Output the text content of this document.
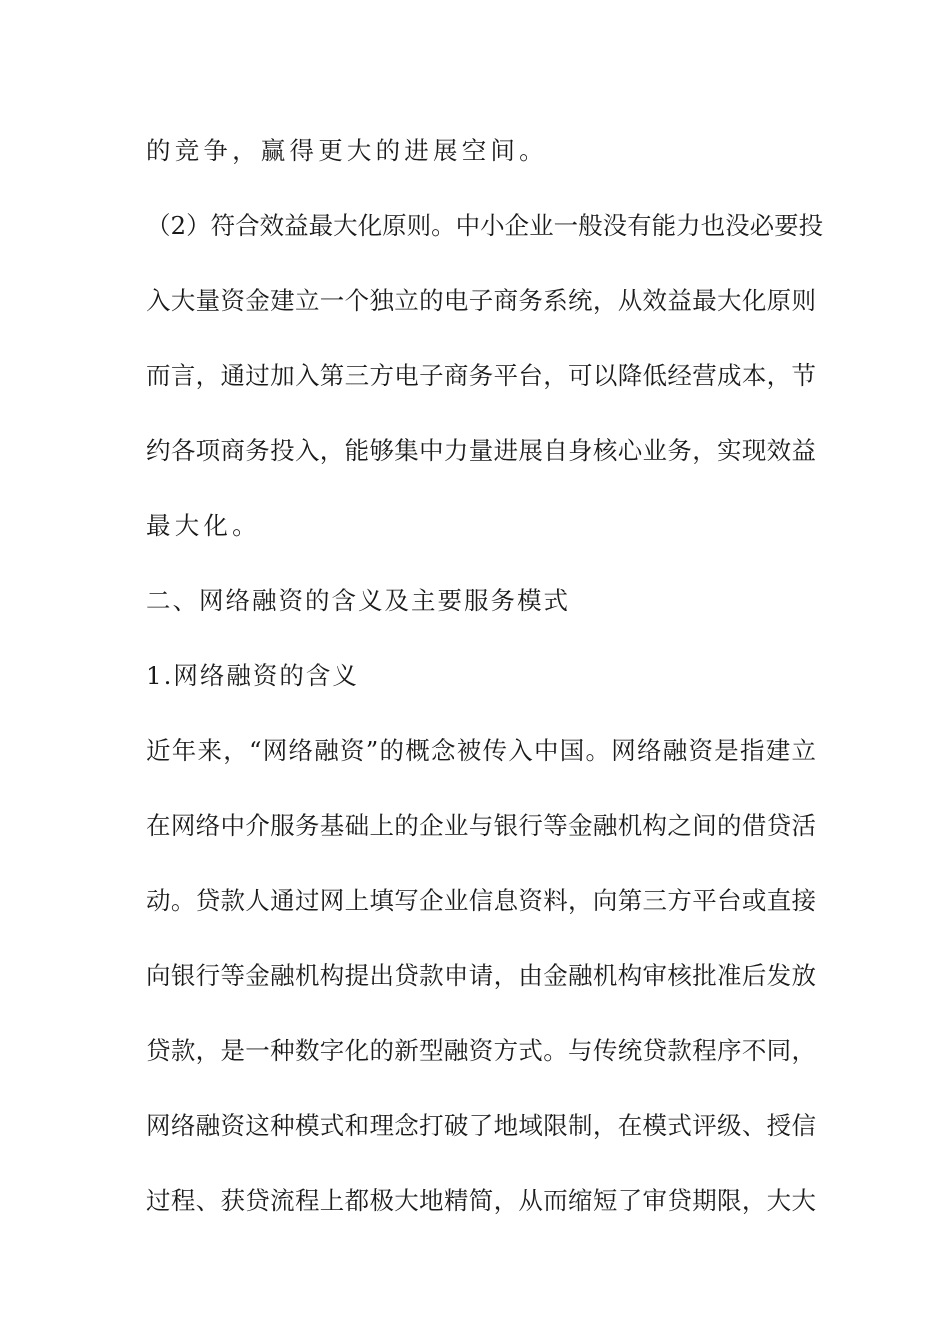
的竞争，赢得更大的进展空间。
（2）符合效益最大化原则。中小企业一般没有能力也没必要投
入大量资金建立一个独立的电子商务系统，从效益最大化原则
而言，通过加入第三方电子商务平台，可以降低经营成本，节
约各项商务投入，能够集中力量进展自身核心业务，实现效益
最大化。
二、网络融资的含义及主要服务模式
1.网络融资的含义
近年来，“网络融资”的概念被传入中国。网络融资是指建立
在网络中介服务基础上的企业与银行等金融机构之间的借贷活
动。贷款人通过网上填写企业信息资料，向第三方平台或直接
向银行等金融机构提出贷款申请，由金融机构审核批准后发放
贷款，是一种数字化的新型融资方式。与传统贷款程序不同，
网络融资这种模式和理念打破了地域限制，在模式评级、授信
过程、获贷流程上都极大地精简，从而缩短了审贷期限，大大
